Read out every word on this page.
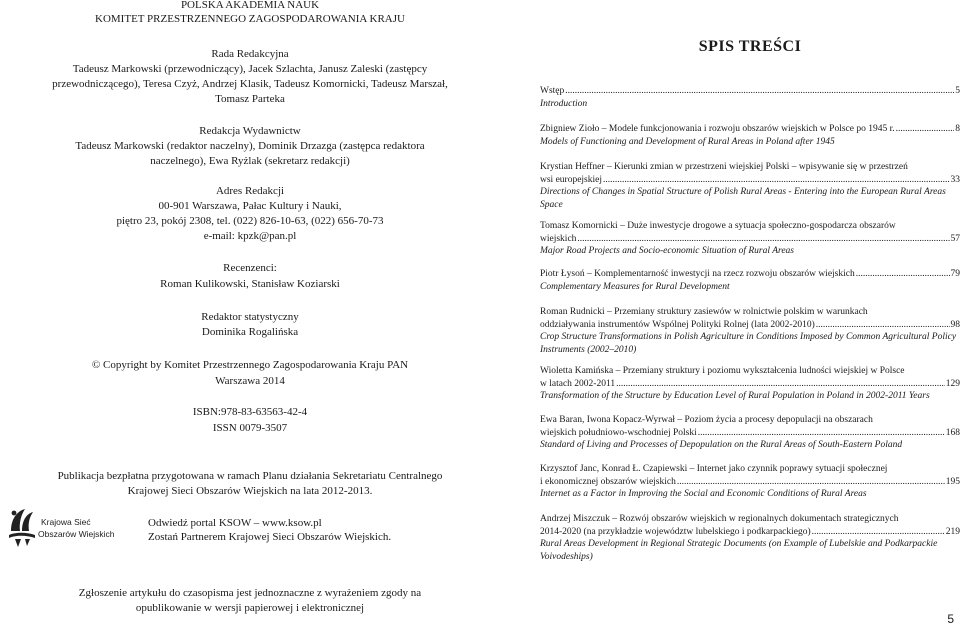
POLSKA AKADEMIA NAUK
KOMITET PRZESTRZENNEGO ZAGOSPODAROWANIA KRAJU
Rada Redakcyjna
Tadeusz Markowski (przewodniczący), Jacek Szlachta, Janusz Zaleski (zastępcy
przewodniczącego), Teresa Czyż, Andrzej Klasik, Tadeusz Komornicki, Tadeusz Marszał,
Tomasz Parteka
Redakcja Wydawnictw
Tadeusz Markowski (redaktor naczelny), Dominik Drzazga (zastępca redaktora
naczelnego), Ewa Ryżlak (sekretarz redakcji)
Adres Redakcji
00-901 Warszawa, Pałac Kultury i Nauki,
piętro 23, pokój 2308, tel. (022) 826-10-63, (022) 656-70-73
e-mail: kpzk@pan.pl
Recenzenci:
Roman Kulikowski, Stanisław Koziarski
Redaktor statystyczny
Dominika Rogalińska
© Copyright by Komitet Przestrzennego Zagospodarowania Kraju PAN
Warszawa 2014
ISBN:978-83-63563-42-4
ISSN 0079-3507
Publikacja bezpłatna przygotowana w ramach Planu działania Sekretariatu Centralnego
Krajowej Sieci Obszarów Wiejskich na lata 2012-2013.
Krajowa Sieć
Obszarów Wiejskich
Odwiedź portal KSOW – www.ksow.pl
Zostań Partnerem Krajowej Sieci Obszarów Wiejskich.
Zgłoszenie artykułu do czasopisma jest jednoznaczne z wyrażeniem zgody na
opublikowanie w wersji papierowej i elektronicznej
SPIS TREŚCI
Wstęp .....	5
Introduction
Zbigniew Zioło – Modele funkcjonowania i rozwoju obszarów wiejskich w Polsce po 1945 r. .....	8
Models of Functioning and Development of Rural Areas in Poland after 1945
Krystian Heffner – Kierunki zmian w przestrzeni wiejskiej Polski – wpisywanie się w przestrzeń
wsi europejskiej .....	33
Directions of Changes in Spatial Structure of Polish Rural Areas - Entering into the European Rural Areas Space
Tomasz Komornicki – Duże inwestycje drogowe a sytuacja społeczno-gospodarcza obszarów
wiejskich .....	57
Major Road Projects and Socio-economic Situation of Rural Areas
Piotr Łysoń – Komplementarność inwestycji na rzecz rozwoju obszarów wiejskich .....	79
Complementary Measures for Rural Development
Roman Rudnicki – Przemiany struktury zasiewów w rolnictwie polskim w warunkach
oddziaływania instrumentów Wspólnej Polityki Rolnej (lata 2002-2010) .....	98
Crop Structure Transformations in Polish Agriculture in Conditions Imposed by Common Agricultural Policy Instruments (2002–2010)
Wioletta Kamińska – Przemiany struktury i poziomu wykształcenia ludności wiejskiej w Polsce
w latach 2002-2011 .....	129
Transformation of the Structure by Education Level of Rural Population in Poland in 2002-2011 Years
Ewa Baran, Iwona Kopacz-Wyrwał – Poziom życia a procesy depopulacji na obszarach
wiejskich południowo-wschodniej Polski .....	168
Standard of Living and Processes of Depopulation on the Rural Areas of South-Eastern Poland
Krzysztof Janc, Konrad Ł. Czapiewski – Internet jako czynnik poprawy sytuacji społecznej
i ekonomicznej obszarów wiejskich .....	195
Internet as a Factor in Improving the Social and Economic Conditions of Rural Areas
Andrzej Miszczuk – Rozwój obszarów wiejskich w regionalnych dokumentach strategicznych
2014-2020 (na przykładzie województw lubelskiego i podkarpackiego) .....	219
Rural Areas Development in Regional Strategic Documents (on Example of Lubelskie and Podkarpackie Voivodeships)
5
